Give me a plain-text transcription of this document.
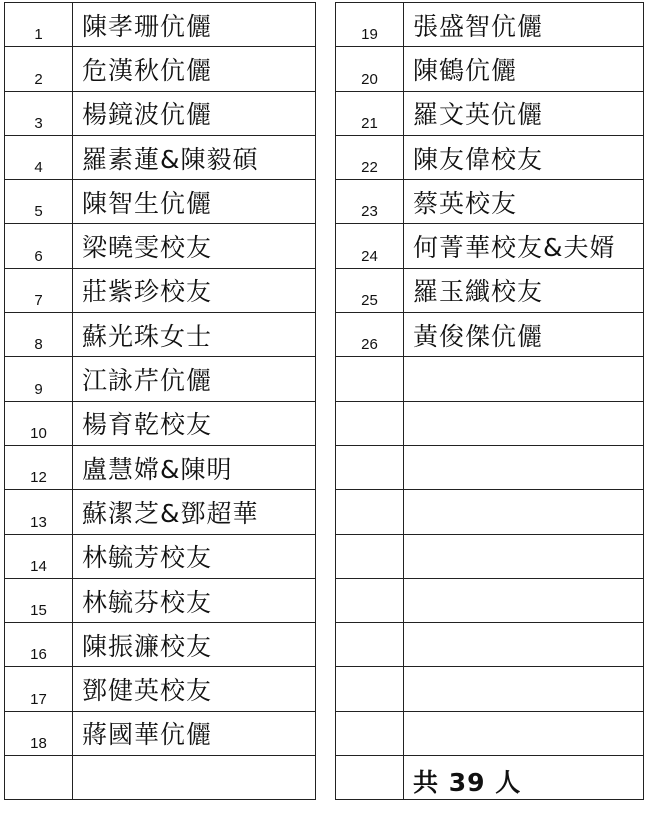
1	陳孝珊伉儷
2	危漢秋伉儷
3	楊鏡波伉儷
4	羅素蓮&陳毅碩
5	陳智生伉儷
6	梁曉雯校友
7	莊紫珍校友
8	蘇光珠女士
9	江詠芹伉儷
10	楊育乾校友
12	盧慧嫦&陳明
13	蘇潔芝&鄧超華
14	林毓芳校友
15	林毓芬校友
16	陳振濂校友
17	鄧健英校友
18	蔣國華伉儷

19	張盛智伉儷
20	陳鶴伉儷
21	羅文英伉儷
22	陳友偉校友
23	蔡英校友
24	何菁華校友&夫婿
25	羅玉纖校友
26	黃俊傑伉儷

	共 39 人
